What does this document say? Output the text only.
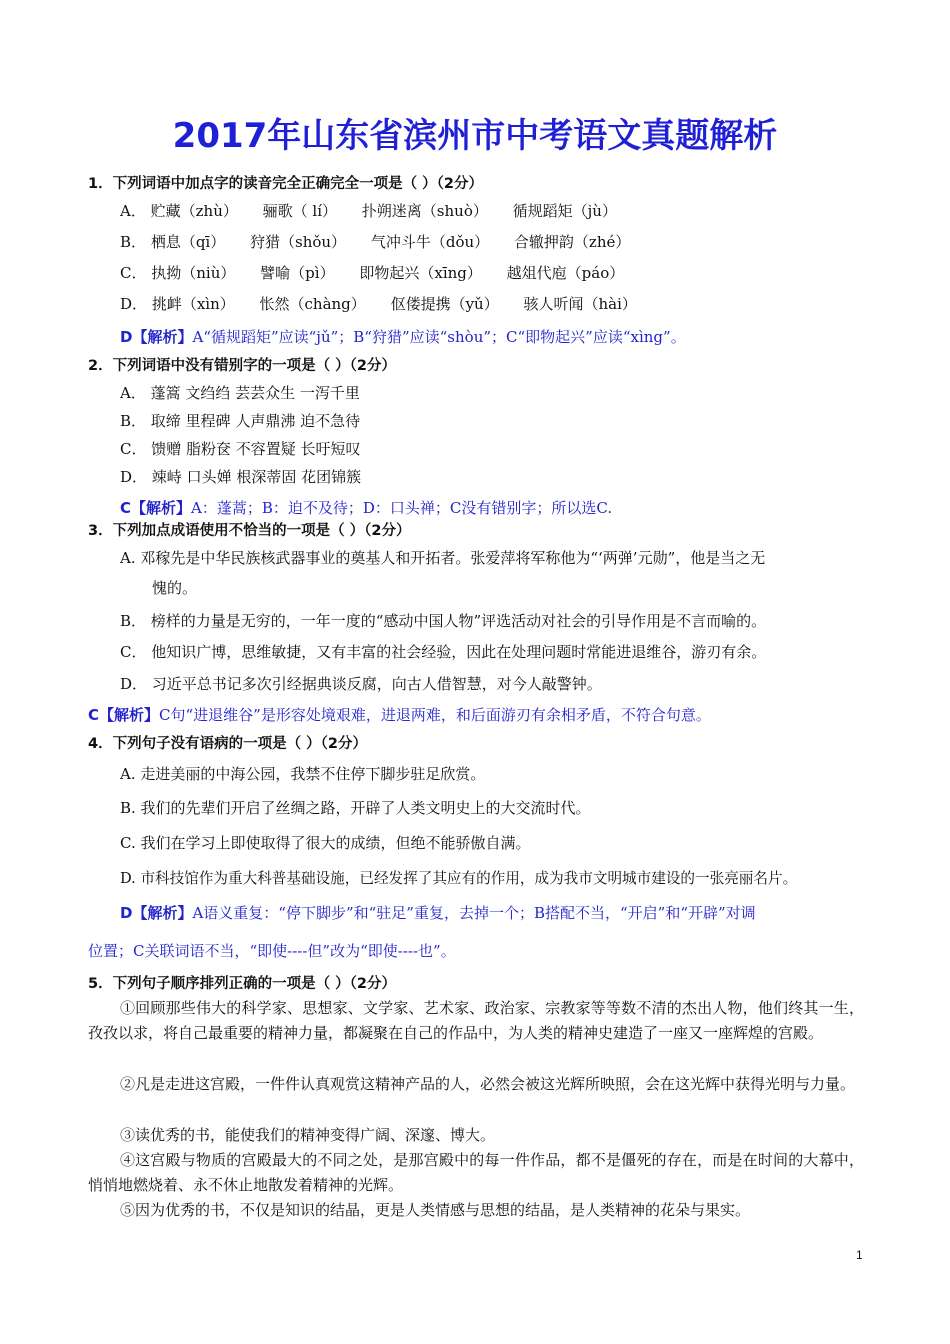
2017年山东省滨州市中考语文真题解析
1．下列词语中加点字的读音完全正确完全一项是（ ）（2分）
A． 贮藏（zhù） 骊歌（ lí） 扑朔迷离（shuò） 循规蹈矩（jù）
B． 栖息（qī） 狩猎（shǒu） 气冲斗牛（dǒu） 合辙押韵（zhé）
C． 执拗（niù） 譬喻（pì） 即物起兴（xīng） 越俎代庖（páo）
D． 挑衅（xìn） 怅然（chàng） 伛偻提携（yǔ） 骇人听闻（hài）
D【解析】A“循规蹈矩”应读“jǔ”；B“狩猎”应读“shòu”；C“即物起兴”应读“xìng”。
2．下列词语中没有错别字的一项是（ ）（2分）
A． 蓬篙 文绉绉 芸芸众生 一泻千里
B． 取缔 里程碑 人声鼎沸 迫不急待
C． 馈赠 脂粉奁 不容置疑 长吁短叹
D． 竦峙 口头婵 根深蒂固 花团锦簇
C【解析】A：蓬蒿；B：迫不及待；D：口头禅；C没有错别字；所以选C.
3．下列加点成语使用不恰当的一项是（ ）（2分）
A. 邓稼先是中华民族核武器事业的奠基人和开拓者。张爱萍将军称他为“‘两弹’元勋”，他是当之无
愧的。
B． 榜样的力量是无穷的，一年一度的“感动中国人物”评选活动对社会的引导作用是不言而喻的。
C． 他知识广博，思维敏捷，又有丰富的社会经验，因此在处理问题时常能进退维谷，游刃有余。
D． 习近平总书记多次引经据典谈反腐，向古人借智慧，对今人敲警钟。
C【解析】C句“进退维谷”是形容处境艰难，进退两难，和后面游刃有余相矛盾，不符合句意。
4．下列句子没有语病的一项是（ ）（2分）
A. 走进美丽的中海公园，我禁不住停下脚步驻足欣赏。
B. 我们的先辈们开启了丝绸之路，开辟了人类文明史上的大交流时代。
C. 我们在学习上即使取得了很大的成绩，但绝不能骄傲自满。
D. 市科技馆作为重大科普基础设施，已经发挥了其应有的作用，成为我市文明城市建设的一张亮丽名片。
D【解析】A语义重复：“停下脚步”和“驻足”重复，去掉一个；B搭配不当，“开启”和“开辟”对调
位置；C关联词语不当，“即使----但”改为“即使----也”。
5．下列句子顺序排列正确的一项是（ ）（2分）
①回顾那些伟大的科学家、思想家、文学家、艺术家、政治家、宗教家等等数不清的杰出人物，他们终其一生，孜孜以求，将自己最重要的精神力量，都凝聚在自己的作品中，为人类的精神史建造了一座又一座辉煌的宫殿。
②凡是走进这宫殿，一件件认真观赏这精神产品的人，必然会被这光辉所映照，会在这光辉中获得光明与力量。
③读优秀的书，能使我们的精神变得广阔、深邃、博大。
④这宫殿与物质的宫殿最大的不同之处，是那宫殿中的每一件作品，都不是僵死的存在，而是在时间的大幕中，悄悄地燃烧着、永不休止地散发着精神的光辉。
⑤因为优秀的书，不仅是知识的结晶，更是人类情感与思想的结晶，是人类精神的花朵与果实。
1
